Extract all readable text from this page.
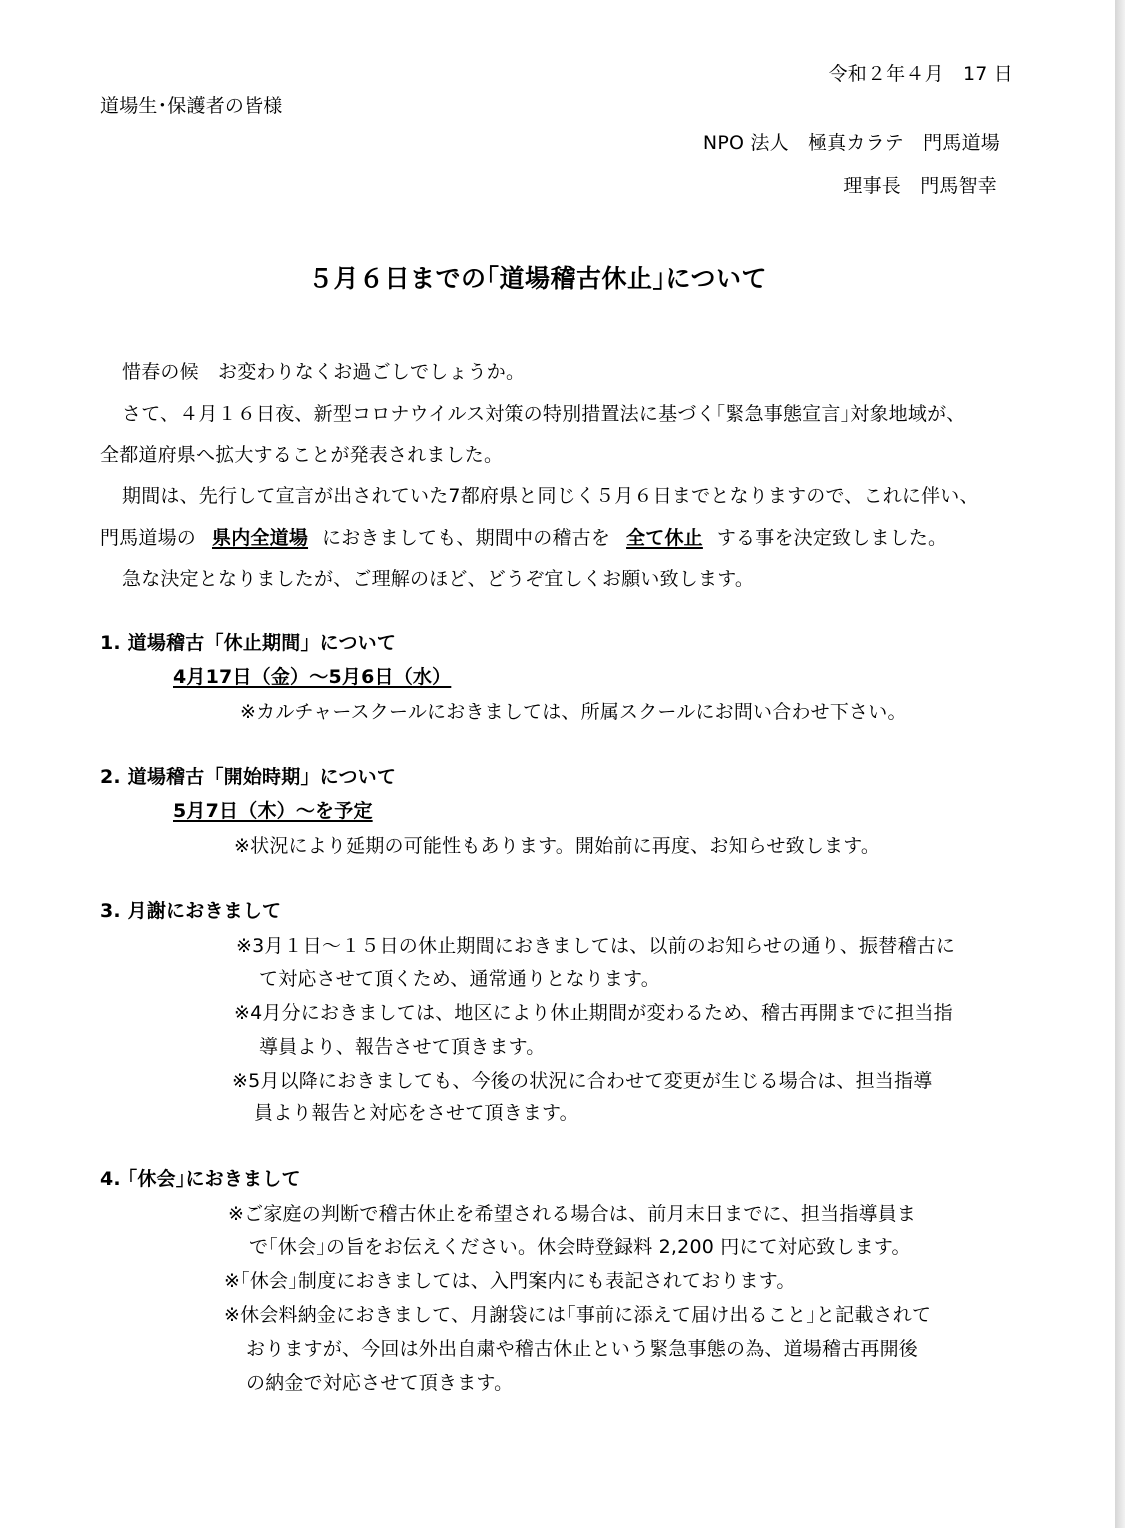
令和２年４月　17 日
道場生･保護者の皆様
NPO 法人　極真カラテ　門馬道場
理事長　門馬智幸
５月６日までの｢道場稽古休止｣について
惜春の候　お変わりなくお過ごしでしょうか。
さて、４月１６日夜、新型コロナウイルス対策の特別措置法に基づく｢緊急事態宣言｣対象地域が、
全都道府県へ拡大することが発表されました。
期間は、先行して宣言が出されていた7都府県と同じく５月６日までとなりますので、これに伴い、
門馬道場の 県内全道場 におきましても、期間中の稽古を 全て休止 する事を決定致しました。
急な決定となりましたが、ご理解のほど、どうぞ宜しくお願い致します。
1. 道場稽古「休止期間」について
4月17日（金）～5月6日（水）
※カルチャースクールにおきましては、所属スクールにお問い合わせ下さい。
2. 道場稽古「開始時期」について
5月7日（木）～を予定
※状況により延期の可能性もあります。開始前に再度、お知らせ致します。
3. 月謝におきまして
※3月１日～１５日の休止期間におきましては、以前のお知らせの通り、振替稽古に
て対応させて頂くため、通常通りとなります。
※4月分におきましては、地区により休止期間が変わるため、稽古再開までに担当指
導員より、報告させて頂きます。
※5月以降におきましても、今後の状況に合わせて変更が生じる場合は、担当指導
員より報告と対応をさせて頂きます。
4. ｢休会｣におきまして
※ご家庭の判断で稽古休止を希望される場合は、前月末日までに、担当指導員ま
で｢休会｣の旨をお伝えください。休会時登録料 2,200 円にて対応致します。
※｢休会｣制度におきましては、入門案内にも表記されております。
※休会料納金におきまして、月謝袋には｢事前に添えて届け出ること｣と記載されて
おりますが、今回は外出自粛や稽古休止という緊急事態の為、道場稽古再開後
の納金で対応させて頂きます。
